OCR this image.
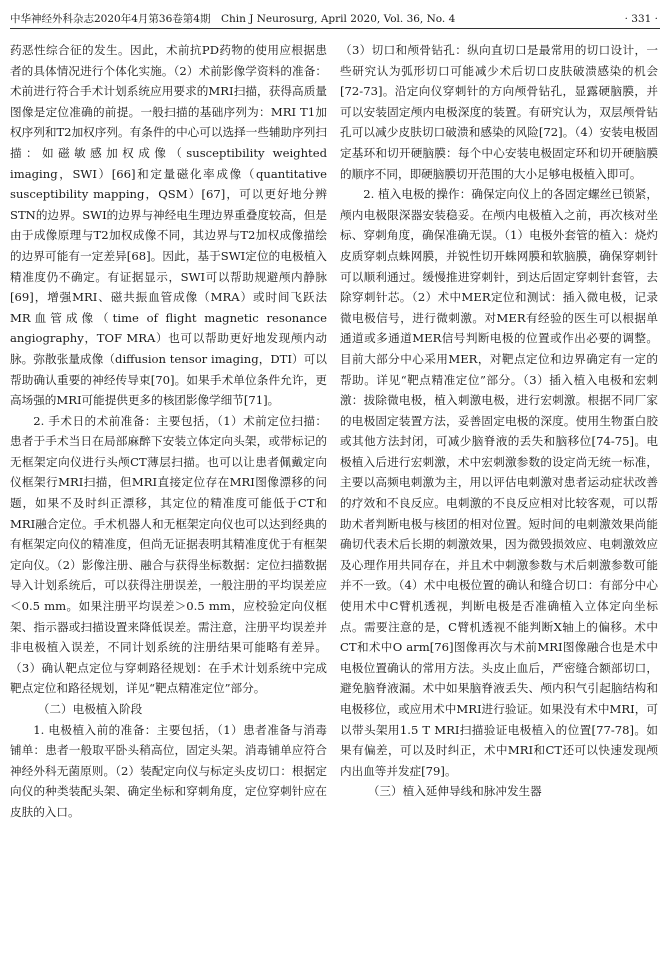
中华神经外科杂志2020年4月第36卷第4期　Chin J Neurosurg, April 2020, Vol. 36, No. 4	· 331 ·

药恶性综合征的发生。因此，术前抗PD药物的使用应根据患者的具体情况进行个体化实施。（2）术前影像学资料的准备：术前进行符合手术计划系统应用要求的MRI扫描，获得高质量图像是定位准确的前提。一般扫描的基础序列为：MRI T1加权序列和T2加权序列。有条件的中心可以选择一些辅助序列扫描：如磁敏感加权成像（susceptibility weighted imaging，SWI）[66]和定量磁化率成像（quantitative susceptibility mapping，QSM）[67]，可以更好地分辨STN的边界。SWI的边界与神经电生理边界重叠度较高，但是由于成像原理与T2加权成像不同，其边界与T2加权成像描绘的边界可能有一定差异[68]。因此，基于SWI定位的电极植入精准度仍不确定。有证据显示，SWI可以帮助规避颅内静脉[69]，增强MRI、磁共振血管成像（MRA）或时间飞跃法MR血管成像（time of flight magnetic resonance angiography，TOF MRA）也可以帮助更好地发现颅内动脉。弥散张量成像（diffusion tensor imaging，DTI）可以帮助确认重要的神经传导束[70]。如果手术单位条件允许，更高场强的MRI可能提供更多的核团影像学细节[71]。

2. 手术日的术前准备：主要包括，（1）术前定位扫描：患者于手术当日在局部麻醉下安装立体定向头架，或带标记的无框架定向仪进行头颅CT薄层扫描。也可以让患者佩戴定向仪框架行MRI扫描，但MRI直接定位存在MRI图像漂移的问题，如果不及时纠正漂移，其定位的精准度可能低于CT和MRI融合定位。手术机器人和无框架定向仪也可以达到经典的有框架定向仪的精准度，但尚无证据表明其精准度优于有框架定向仪。（2）影像注册、融合与获得坐标数据：定位扫描数据导入计划系统后，可以获得注册误差，一般注册的平均误差应＜0.5 mm。如果注册平均误差＞0.5 mm，应校验定向仪框架、指示器或扫描设置来降低误差。需注意，注册平均误差并非电极植入误差，不同计划系统的注册结果可能略有差异。（3）确认靶点定位与穿刺路径规划：在手术计划系统中完成靶点定位和路径规划，详见“靶点精准定位”部分。

（二）电极植入阶段

1. 电极植入前的准备：主要包括，（1）患者准备与消毒铺单：患者一般取平卧头稍高位，固定头架。消毒铺单应符合神经外科无菌原则。（2）装配定向仪与标定头皮切口：根据定向仪的种类装配头架、确定坐标和穿刺角度，定位穿刺针应在皮肤的入口。

（3）切口和颅骨钻孔：纵向直切口是最常用的切口设计，一些研究认为弧形切口可能减少术后切口皮肤破溃感染的机会[72-73]。沿定向仪穿刺针的方向颅骨钻孔，显露硬脑膜，并可以安装固定颅内电极深度的装置。有研究认为，双层颅骨钻孔可以减少皮肤切口破溃和感染的风险[72]。（4）安装电极固定基环和切开硬脑膜：每个中心安装电极固定环和切开硬脑膜的顺序不同，即硬脑膜切开范围的大小足够电极植入即可。

2. 植入电极的操作：确保定向仪上的各固定螺丝已锁紧，颅内电极限深器安装稳妥。在颅内电极植入之前，再次核对坐标、穿刺角度，确保准确无误。（1）电极外套管的植入：烧灼皮质穿刺点蛛网膜，并锐性切开蛛网膜和软脑膜，确保穿刺针可以顺利通过。缓慢推进穿刺针，到达后固定穿刺针套管，去除穿刺针芯。（2）术中MER定位和测试：插入微电极，记录微电极信号，进行微刺激。对MER有经验的医生可以根据单通道或多通道MER信号判断电极的位置或作出必要的调整。目前大部分中心采用MER，对靶点定位和边界确定有一定的帮助。详见“靶点精准定位”部分。（3）插入植入电极和宏刺激：拔除微电极，植入刺激电极，进行宏刺激。根据不同厂家的电极固定装置方法，妥善固定电极的深度。使用生物蛋白胶或其他方法封闭，可减少脑脊液的丢失和脑移位[74-75]。电极植入后进行宏刺激，术中宏刺激参数的设定尚无统一标准，主要以高频电刺激为主，用以评估电刺激对患者运动症状改善的疗效和不良反应。电刺激的不良反应相对比较客观，可以帮助术者判断电极与核团的相对位置。短时间的电刺激效果尚能确切代表术后长期的刺激效果，因为微毁损效应、电刺激效应及心理作用共同存在，并且术中刺激参数与术后刺激参数可能并不一致。（4）术中电极位置的确认和缝合切口：有部分中心使用术中C臂机透视，判断电极是否准确植入立体定向坐标点。需要注意的是，C臂机透视不能判断X轴上的偏移。术中CT和术中O arm[76]图像再次与术前MRI图像融合也是术中电极位置确认的常用方法。头皮止血后，严密缝合额部切口，避免脑脊液漏。术中如果脑脊液丢失、颅内积气引起脑结构和电极移位，或应用术中MRI进行验证。如果没有术中MRI，可以带头架用1.5 T MRI扫描验证电极植入的位置[77-78]。如果有偏差，可以及时纠正，术中MRI和CT还可以快速发现颅内出血等并发症[79]。

（三）植入延伸导线和脉冲发生器
